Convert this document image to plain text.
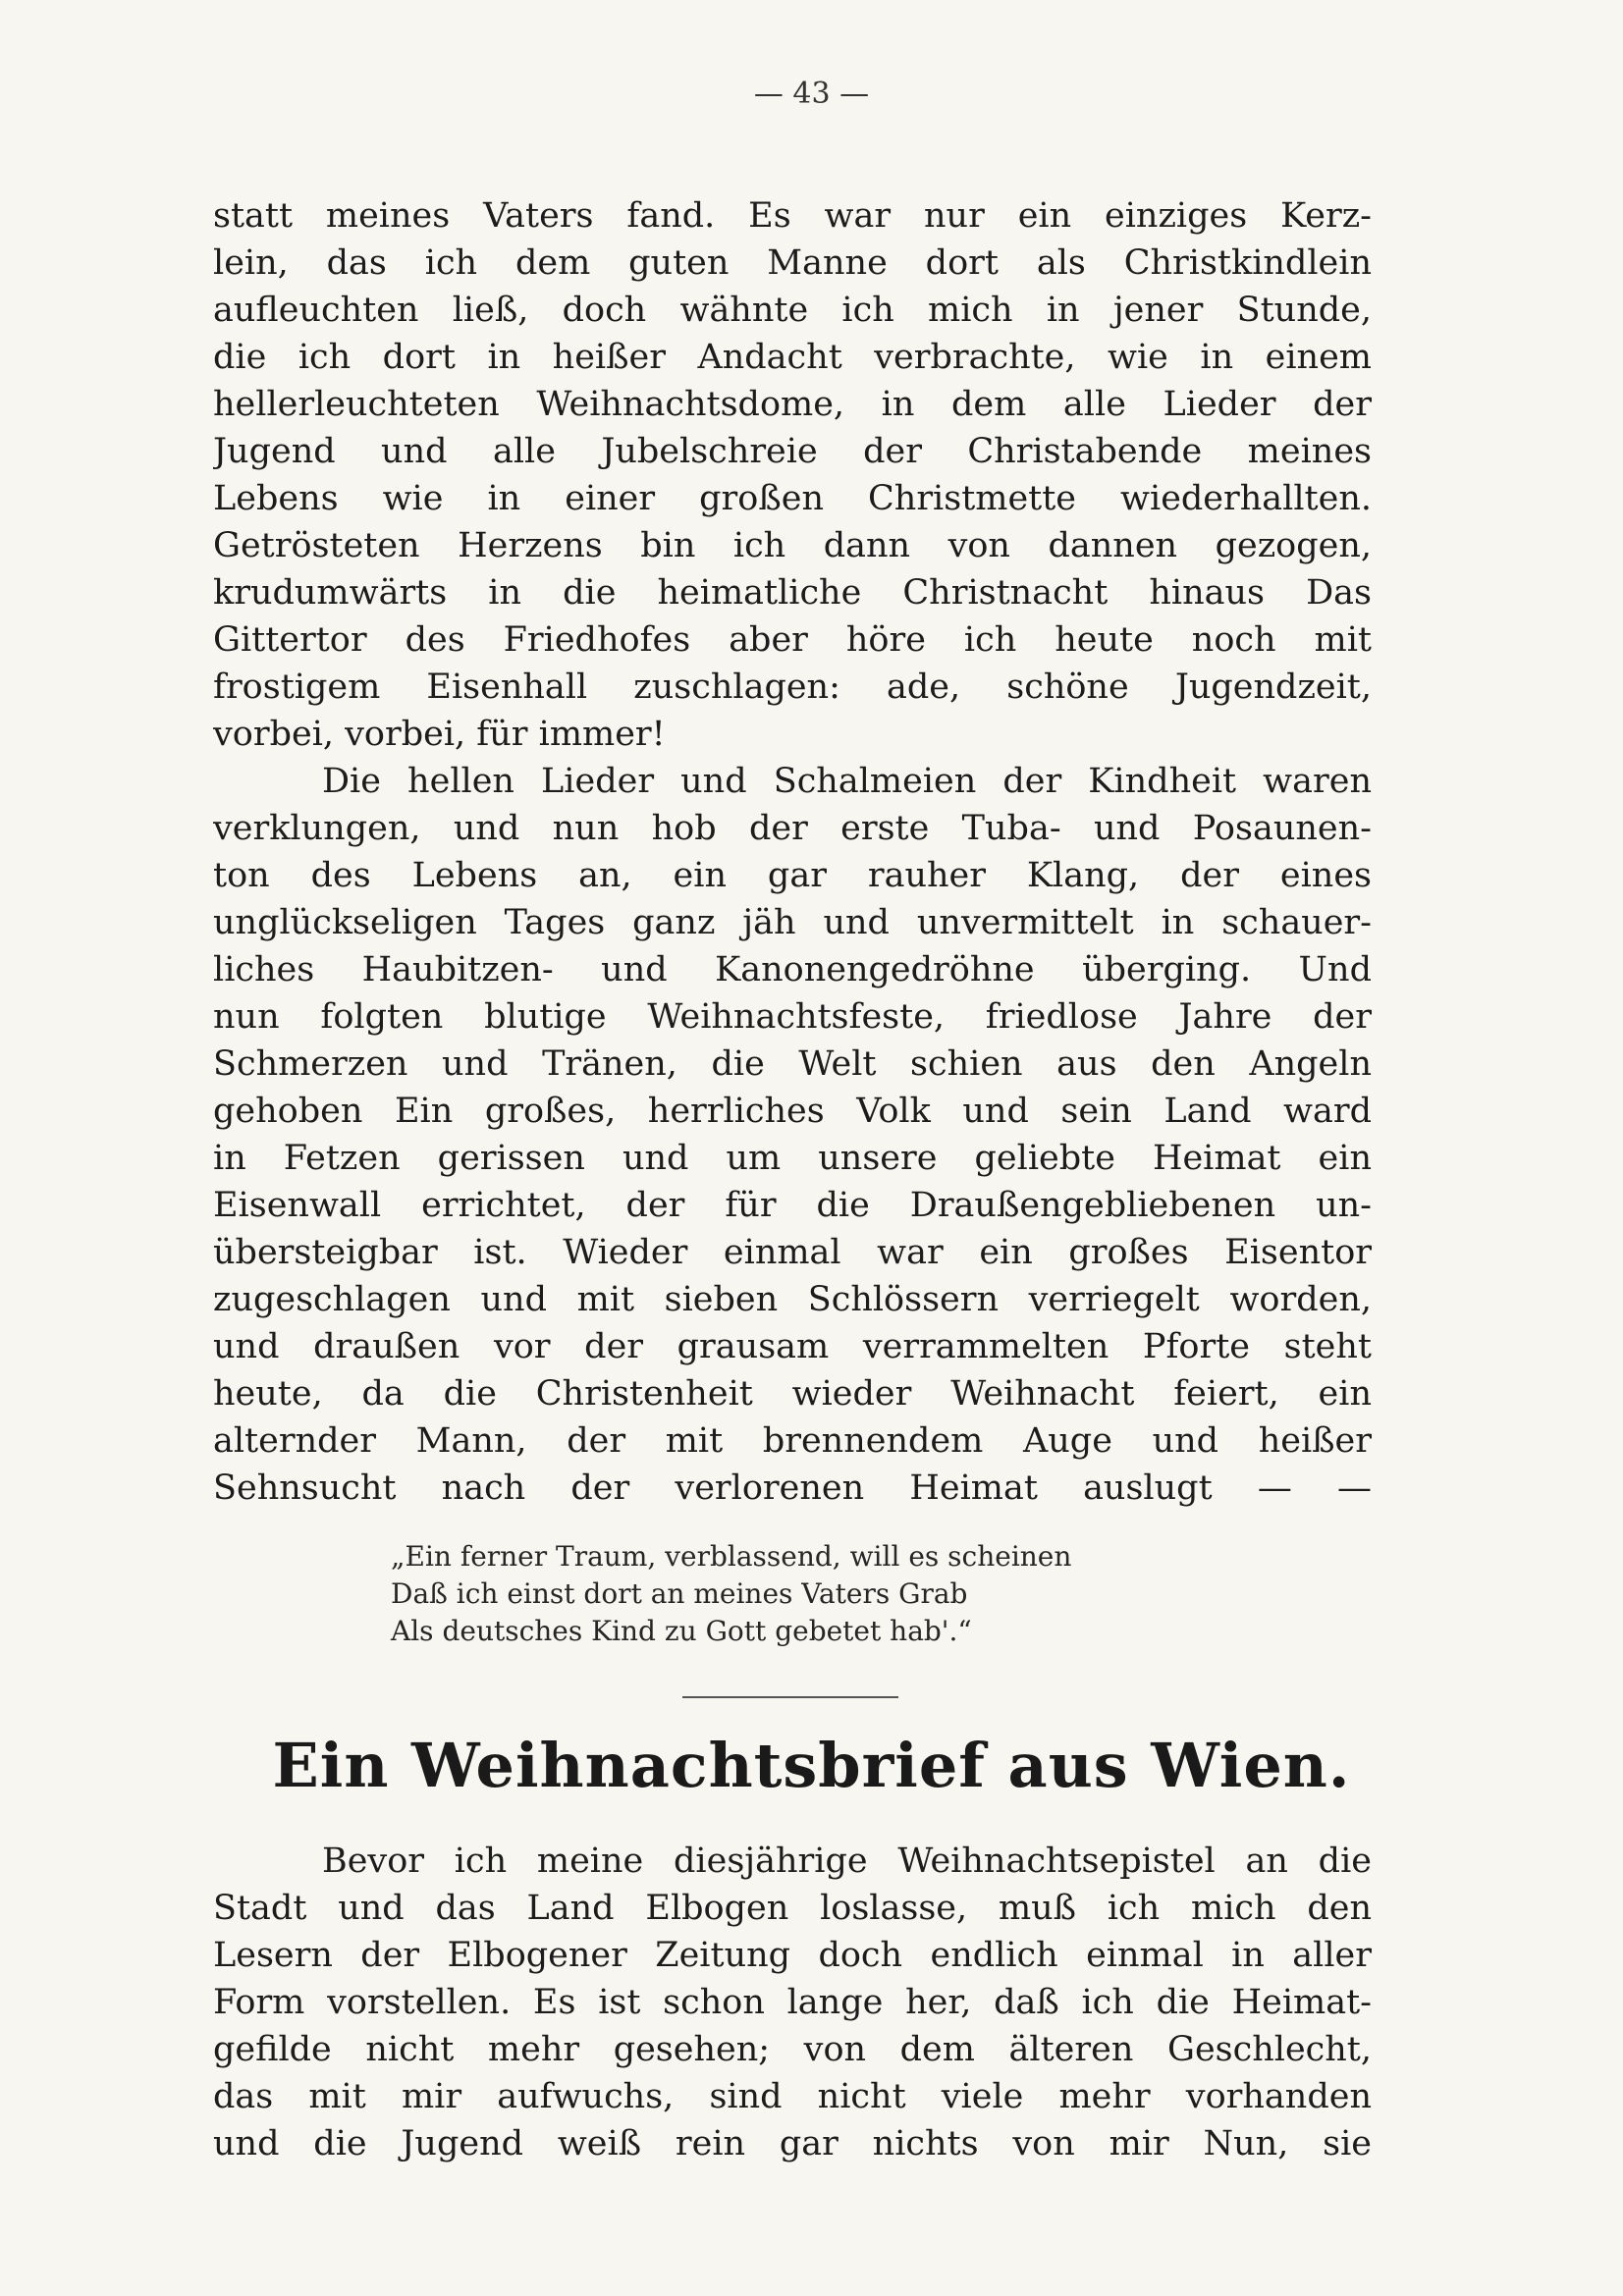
— 43 —
statt meines Vaters fand. Es war nur ein einziges Kerz-
lein, das ich dem guten Manne dort als Christkindlein
aufleuchten ließ, doch wähnte ich mich in jener Stunde,
die ich dort in heißer Andacht verbrachte, wie in einem
hellerleuchteten Weihnachtsdome, in dem alle Lieder der
Jugend und alle Jubelschreie der Christabende meines
Lebens wie in einer großen Christmette wiederhallten.
Getrösteten Herzens bin ich dann von dannen gezogen,
krudumwärts in die heimatliche Christnacht hinaus Das
Gittertor des Friedhofes aber höre ich heute noch mit
frostigem Eisenhall zuschlagen: ade, schöne Jugendzeit,
vorbei, vorbei, für immer!
Die hellen Lieder und Schalmeien der Kindheit waren
verklungen, und nun hob der erste Tuba- und Posaunen-
ton des Lebens an, ein gar rauher Klang, der eines
unglückseligen Tages ganz jäh und unvermittelt in schauer-
liches Haubitzen- und Kanonengedröhne überging. Und
nun folgten blutige Weihnachtsfeste, friedlose Jahre der
Schmerzen und Tränen, die Welt schien aus den Angeln
gehoben Ein großes, herrliches Volk und sein Land ward
in Fetzen gerissen und um unsere geliebte Heimat ein
Eisenwall errichtet, der für die Draußengebliebenen un-
übersteigbar ist. Wieder einmal war ein großes Eisentor
zugeschlagen und mit sieben Schlössern verriegelt worden,
und draußen vor der grausam verrammelten Pforte steht
heute, da die Christenheit wieder Weihnacht feiert, ein
alternder Mann, der mit brennendem Auge und heißer
Sehnsucht nach der verlorenen Heimat auslugt — —
„Ein ferner Traum, verblassend, will es scheinen
Daß ich einst dort an meines Vaters Grab
Als deutsches Kind zu Gott gebetet hab'.“
Ein Weihnachtsbrief aus Wien.
Bevor ich meine diesjährige Weihnachtsepistel an die
Stadt und das Land Elbogen loslasse, muß ich mich den
Lesern der Elbogener Zeitung doch endlich einmal in aller
Form vorstellen. Es ist schon lange her, daß ich die Heimat-
gefilde nicht mehr gesehen; von dem älteren Geschlecht,
das mit mir aufwuchs, sind nicht viele mehr vorhanden
und die Jugend weiß rein gar nichts von mir Nun, sie
